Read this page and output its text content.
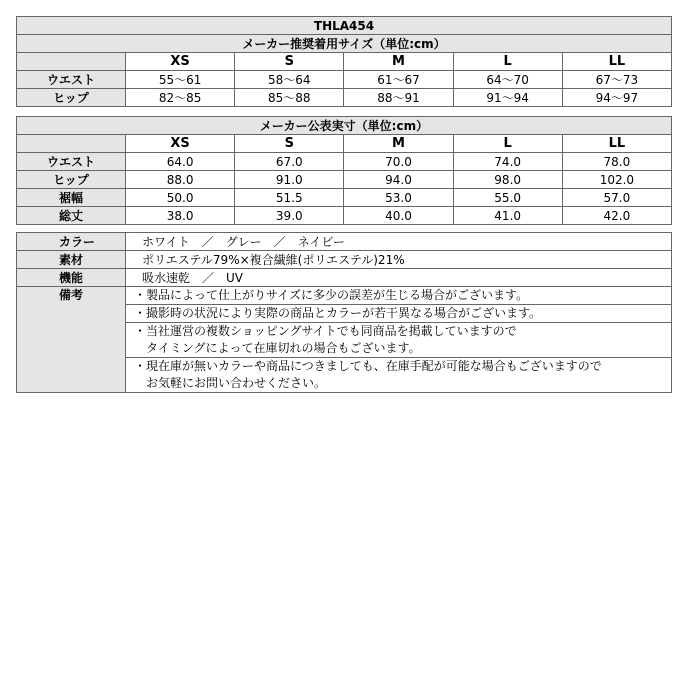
THLA454					
メーカー推奨着用サイズ（単位:cm）					
	XS	S	M	L	LL
ウエスト	55～61	58～64	61～67	64～70	67～73
ヒップ	82～85	85～88	88～91	91～94	94～97
メーカー公表実寸（単位:cm）					
	XS	S	M	L	LL
ウエスト	64.0	67.0	70.0	74.0	78.0
ヒップ	88.0	91.0	94.0	98.0	102.0
裾幅	50.0	51.5	53.0	55.0	57.0
総丈	38.0	39.0	40.0	41.0	42.0
カラー	ホワイト　／　グレー　／　ネイビー
素材	ポリエステル79%×複合繊維(ポリエステル)21%
機能	吸水速乾　／　UV
備考	・製品によって仕上がりサイズに多少の誤差が生じる場合がございます。

	・撮影時の状況により実際の商品とカラーが若干異なる場合がございます。

	・当社運営の複数ショッピングサイトでも同商品を掲載していますので
　タイミングによって在庫切れの場合もございます。

	・現在庫が無いカラーや商品につきましても、在庫手配が可能な場合もございますので
　お気軽にお問い合わせください。
